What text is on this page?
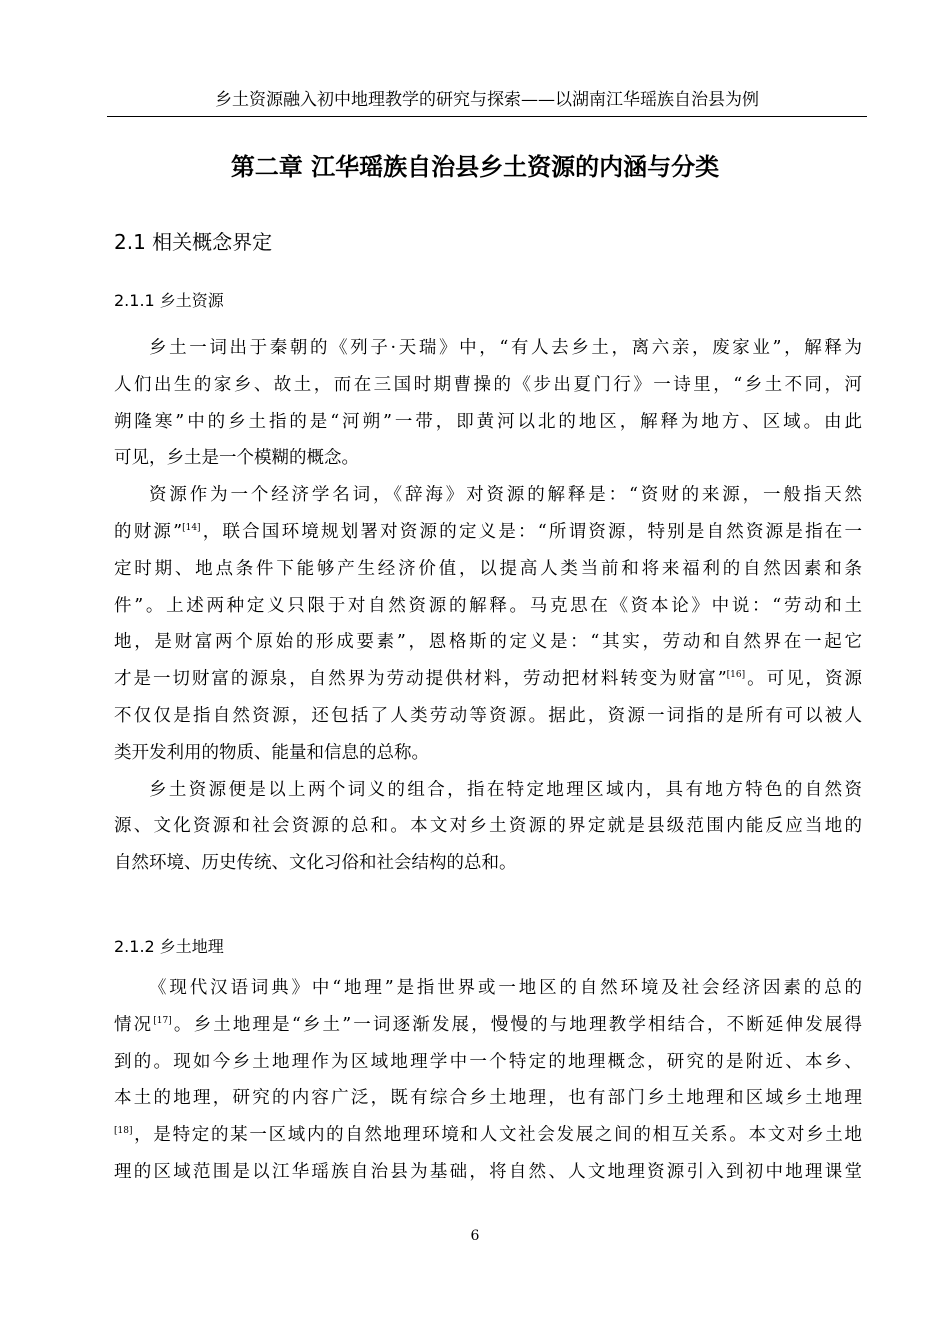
乡土资源融入初中地理教学的研究与探索——以湖南江华瑶族自治县为例
第二章 江华瑶族自治县乡土资源的内涵与分类
2.1 相关概念界定
2.1.1 乡土资源
乡土一词出于秦朝的《列子·天瑞》中，“有人去乡土，离六亲，废家业”，解释为
人们出生的家乡、故土，而在三国时期曹操的《步出夏门行》一诗里，“乡土不同，河
朔隆寒”中的乡土指的是“河朔”一带，即黄河以北的地区，解释为地方、区域。由此
可见，乡土是一个模糊的概念。
资源作为一个经济学名词，《辞海》对资源的解释是：“资财的来源，一般指天然
的财源”[14]，联合国环境规划署对资源的定义是：“所谓资源，特别是自然资源是指在一
定时期、地点条件下能够产生经济价值，以提高人类当前和将来福利的自然因素和条
件”。上述两种定义只限于对自然资源的解释。马克思在《资本论》中说：“劳动和土
地，是财富两个原始的形成要素”，恩格斯的定义是：“其实，劳动和自然界在一起它
才是一切财富的源泉，自然界为劳动提供材料，劳动把材料转变为财富”[16]。可见，资源
不仅仅是指自然资源，还包括了人类劳动等资源。据此，资源一词指的是所有可以被人
类开发利用的物质、能量和信息的总称。
乡土资源便是以上两个词义的组合，指在特定地理区域内，具有地方特色的自然资
源、文化资源和社会资源的总和。本文对乡土资源的界定就是县级范围内能反应当地的
自然环境、历史传统、文化习俗和社会结构的总和。
2.1.2 乡土地理
《现代汉语词典》中“地理”是指世界或一地区的自然环境及社会经济因素的总的
情况[17]。乡土地理是“乡土”一词逐渐发展，慢慢的与地理教学相结合，不断延伸发展得
到的。现如今乡土地理作为区域地理学中一个特定的地理概念，研究的是附近、本乡、
本土的地理，研究的内容广泛，既有综合乡土地理，也有部门乡土地理和区域乡土地理
[18]，是特定的某一区域内的自然地理环境和人文社会发展之间的相互关系。本文对乡土地
理的区域范围是以江华瑶族自治县为基础，将自然、人文地理资源引入到初中地理课堂
6
